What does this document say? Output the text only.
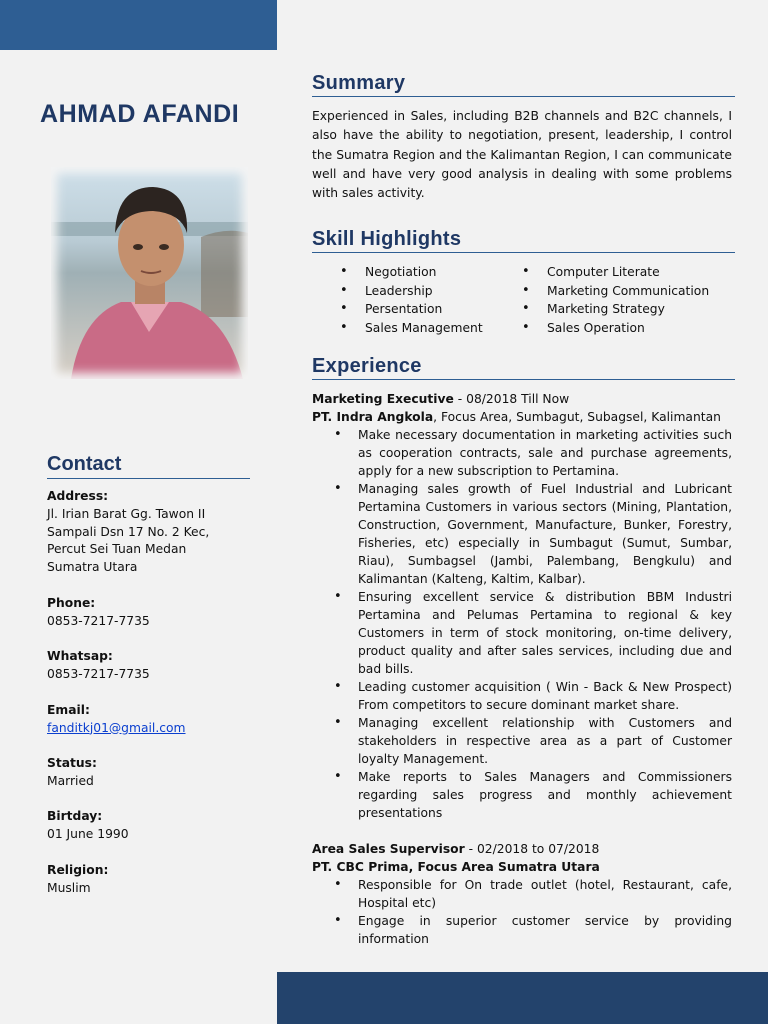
AHMAD AFANDI
Contact
Address:
Jl. Irian Barat Gg. Tawon II
Sampali Dsn 17 No. 2 Kec,
Percut Sei Tuan Medan
Sumatra Utara
Phone:
0853-7217-7735
Whatsap:
0853-7217-7735
Email:
fanditkj01@gmail.com
Status:
Married
Birtday:
01 June 1990
Religion:
Muslim
Summary

Experienced in Sales, including B2B channels and B2C channels, I also have the ability to negotiation, present, leadership, I control the Sumatra Region and the Kalimantan Region, I can communicate well and have very good analysis in dealing with some problems with sales activity.

Skill Highlights
• Negotiation
• Leadership
• Persentation
• Sales Management
• Computer Literate
• Marketing Communication
• Marketing Strategy
• Sales Operation
Experience
Marketing Executive - 08/2018 Till Now
PT. Indra Angkola, Focus Area, Sumbagut, Subagsel, Kalimantan
• Make necessary documentation in marketing activities such as cooperation contracts, sale and purchase agreements, apply for a new subscription to Pertamina.
• Managing sales growth of Fuel Industrial and Lubricant Pertamina Customers in various sectors (Mining, Plantation, Construction, Government, Manufacture, Bunker, Forestry, Fisheries, etc) especially in Sumbagut (Sumut, Sumbar, Riau), Sumbagsel (Jambi, Palembang, Bengkulu) and Kalimantan (Kalteng, Kaltim, Kalbar).
• Ensuring excellent service & distribution BBM Industri Pertamina and Pelumas Pertamina to regional & key Customers in term of stock monitoring, on-time delivery, product quality and after sales services, including due and bad bills.
• Leading customer acquisition ( Win - Back & New Prospect) From competitors to secure dominant market share.
• Managing excellent relationship with Customers and stakeholders in respective area as a part of Customer loyalty Management.
• Make reports to Sales Managers and Commissioners regarding sales progress and monthly achievement presentations
Area Sales Supervisor - 02/2018 to 07/2018
PT. CBC Prima, Focus Area Sumatra Utara
• Responsible for On trade outlet (hotel, Restaurant, cafe, Hospital etc)
• Engage in superior customer service by providing information
